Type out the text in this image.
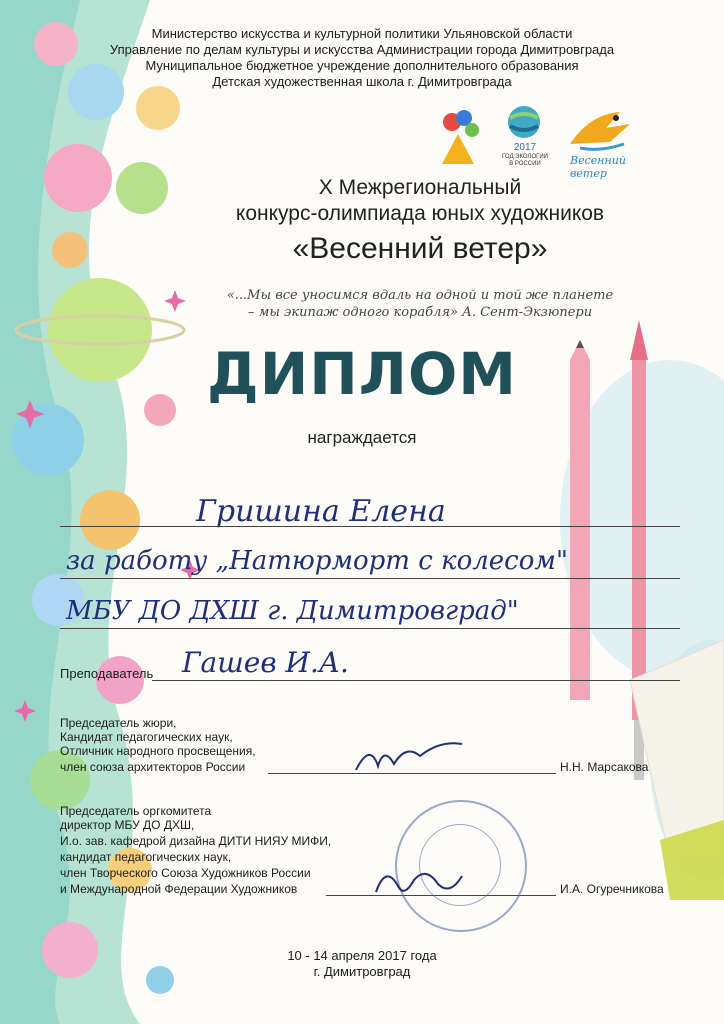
Министерство искусства и культурной политики Ульяновской области
Управление по делам культуры и искусства Администрации города Димитровграда
Муниципальное бюджетное учреждение дополнительного образования
Детская художественная школа г. Димитровграда
2017
ГОД ЭКОЛОГИИ
В РОССИИ	Весенний ветер
X Межрегиональный
конкурс-олимпиада юных художников
«Весенний ветер»
«...Мы все уносимся вдаль на одной и той же планете
– мы экипаж одного корабля» А. Сент-Экзюпери
ДИПЛОМ
награждается
Гришина Елена
за работу „Натюрморт с колесом"
МБУ ДО ДХШ г. Димитровград"
Преподаватель Гашев И.А.
Председатель жюри,
Кандидат педагогических наук,
Отличник народного просвещения,
член союза архитекторов России	Н.Н. Марсакова
Председатель оргкомитета
директор МБУ ДО ДХШ,
И.о. зав. кафедрой дизайна ДИТИ НИЯУ МИФИ,
кандидат педагогических наук,
член Творческого Союза Художников России
и Международной Федерации Художников	И.А. Огуречникова
10 - 14 апреля 2017 года
г. Димитровград
